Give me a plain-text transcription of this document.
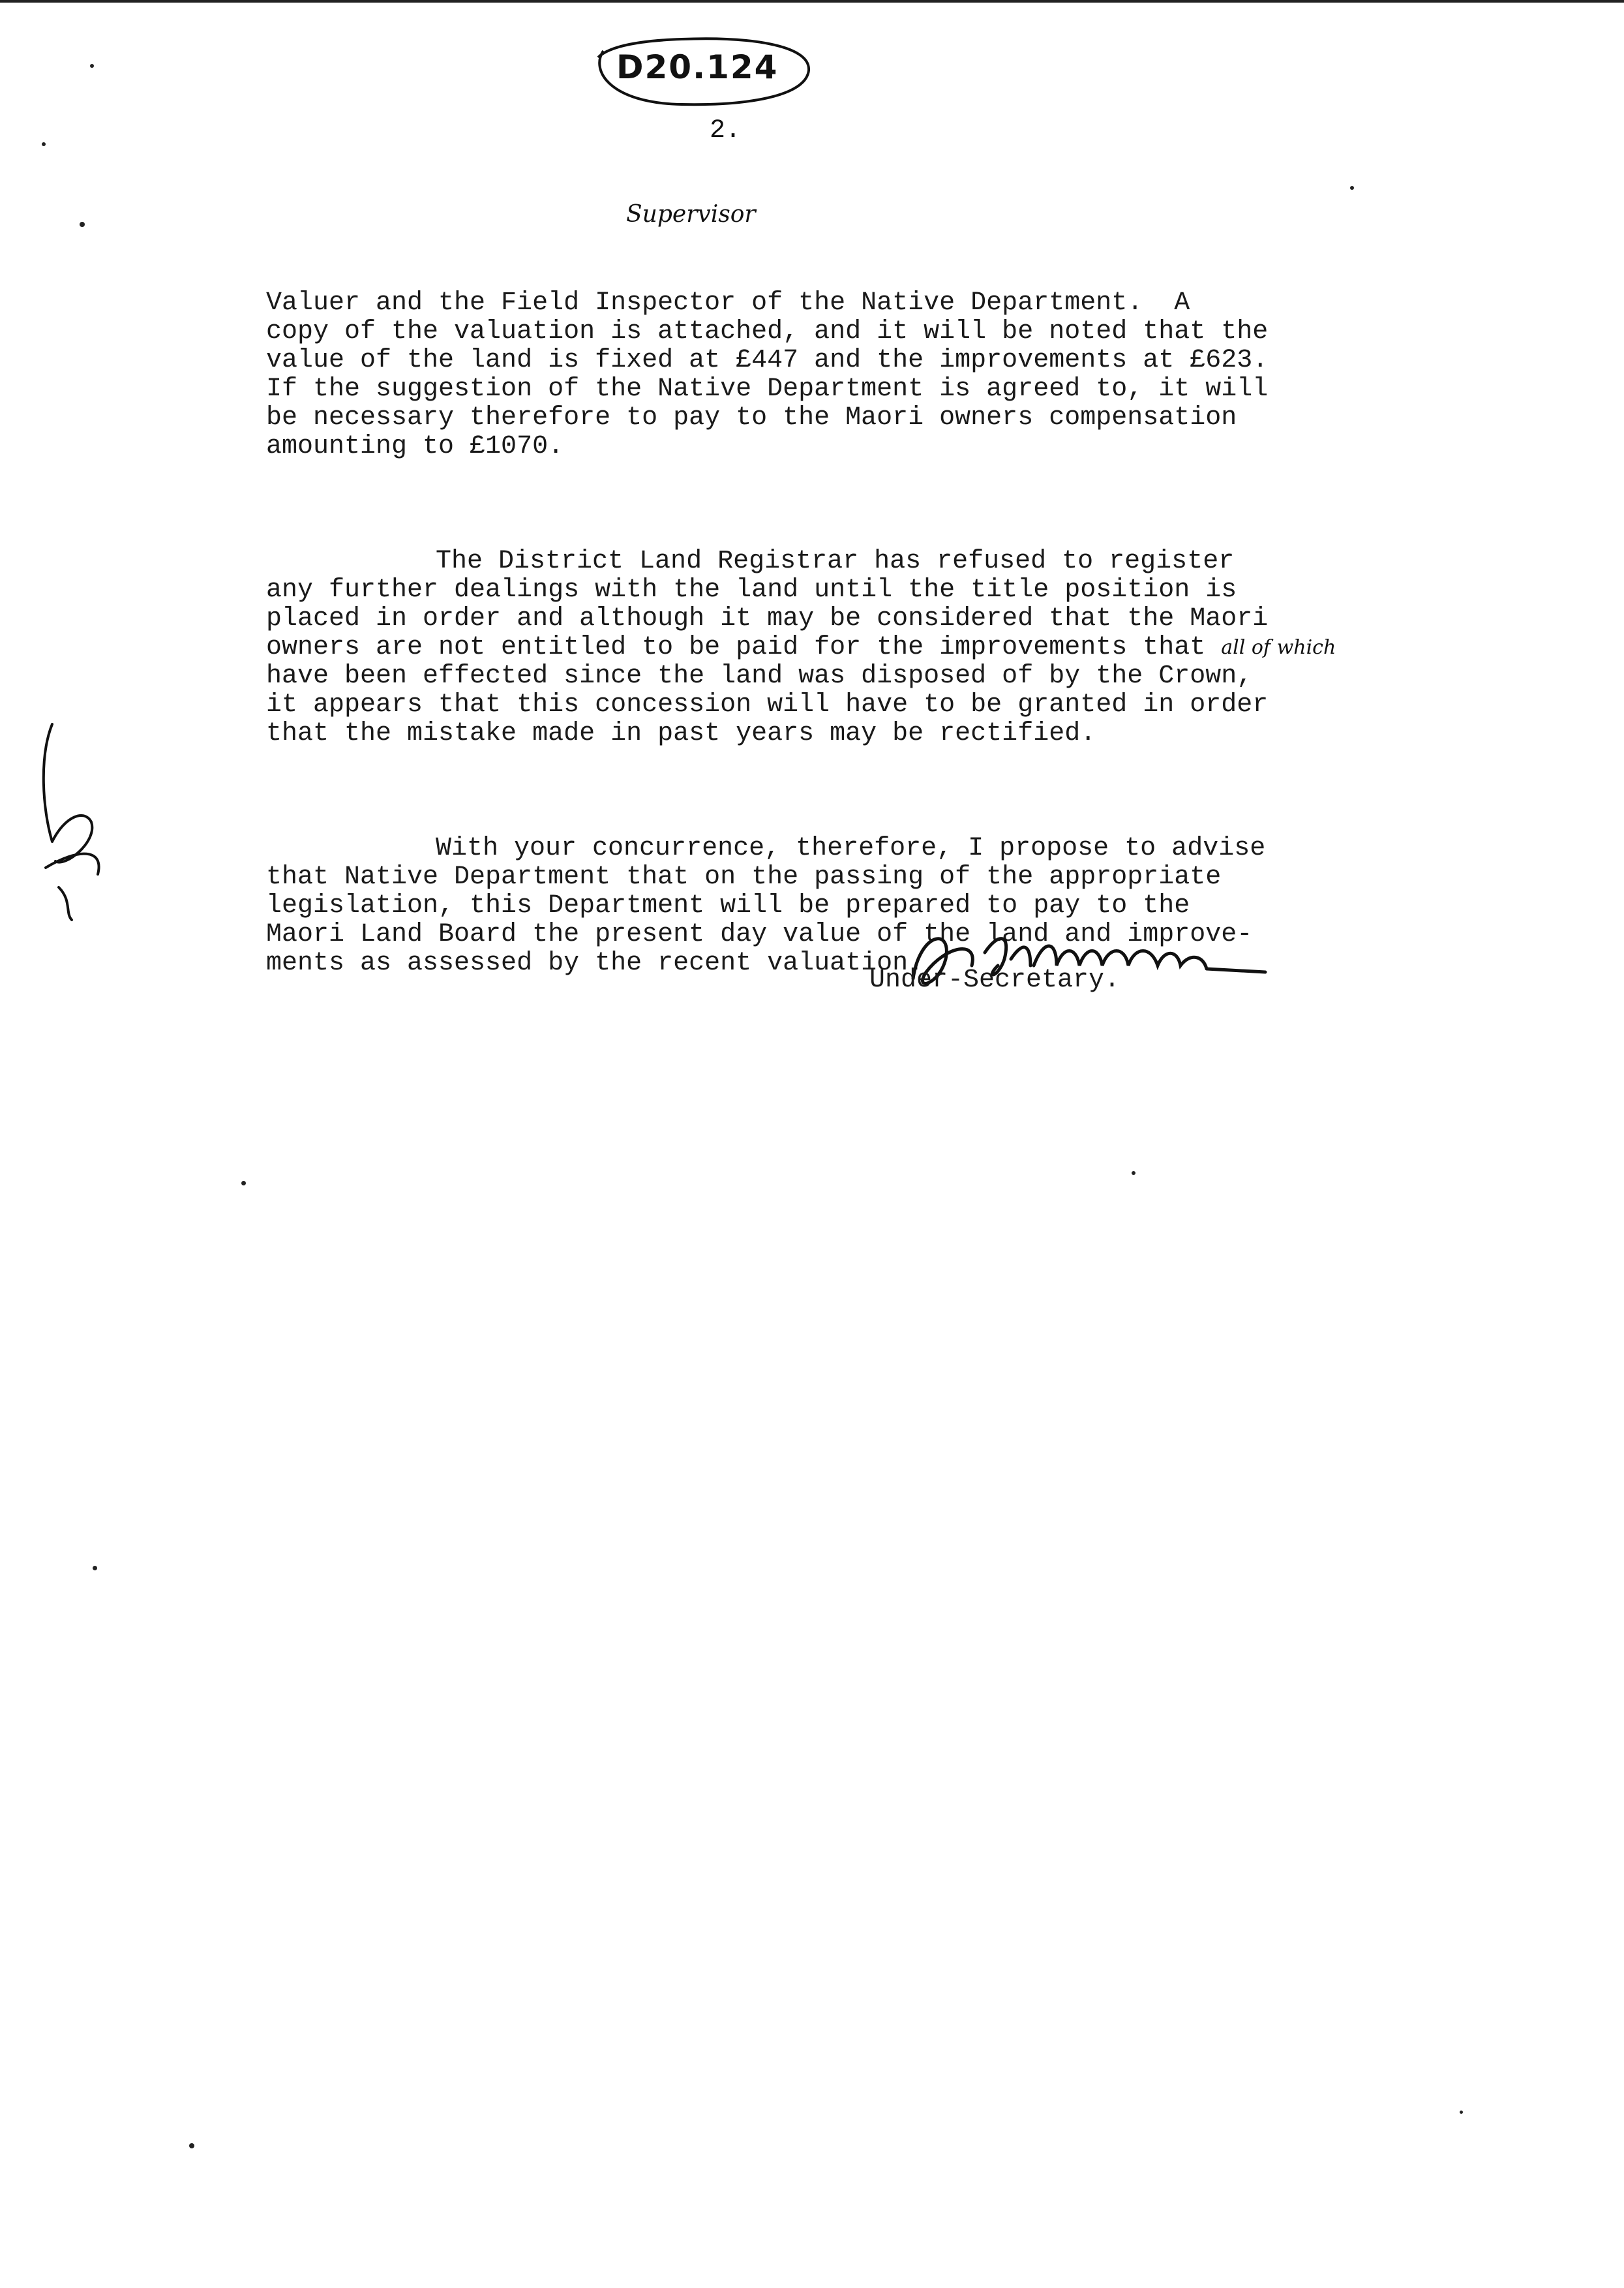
D20.124
2.
Supervisor

Valuer and the Field Inspector of the Native Department.  A
copy of the valuation is attached, and it will be noted that the
value of the land is fixed at £447 and the improvements at £623.
If the suggestion of the Native Department is agreed to, it will
be necessary therefore to pay to the Maori owners compensation
amounting to £1070.

The District Land Registrar has refused to register
any further dealings with the land until the title position is
placed in order and although it may be considered that the Maori
owners are not entitled to be paid for the improvements that all of which
have been effected since the land was disposed of by the Crown,
it appears that this concession will have to be granted in order
that the mistake made in past years may be rectified.

With your concurrence, therefore, I propose to advise
that Native Department that on the passing of the appropriate
legislation, this Department will be prepared to pay to the
Maori Land Board the present day value of the land and improve-
ments as assessed by the recent valuation.

Under-Secretary.
